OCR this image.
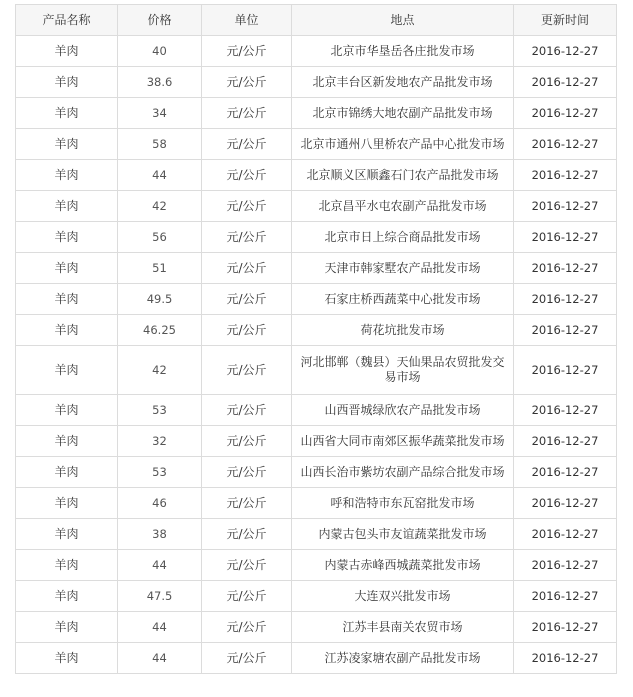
产品名称	价格	单位	地点	更新时间
羊肉	40	元/公斤	北京市华垦岳各庄批发市场	2016-12-27
羊肉	38.6	元/公斤	北京丰台区新发地农产品批发市场	2016-12-27
羊肉	34	元/公斤	北京市锦绣大地农副产品批发市场	2016-12-27
羊肉	58	元/公斤	北京市通州八里桥农产品中心批发市场	2016-12-27
羊肉	44	元/公斤	北京顺义区顺鑫石门农产品批发市场	2016-12-27
羊肉	42	元/公斤	北京昌平水屯农副产品批发市场	2016-12-27
羊肉	56	元/公斤	北京市日上综合商品批发市场	2016-12-27
羊肉	51	元/公斤	天津市韩家墅农产品批发市场	2016-12-27
羊肉	49.5	元/公斤	石家庄桥西蔬菜中心批发市场	2016-12-27
羊肉	46.25	元/公斤	荷花坑批发市场	2016-12-27
羊肉	42	元/公斤	河北邯郸（魏县）天仙果品农贸批发交易市场	2016-12-27
羊肉	53	元/公斤	山西晋城绿欣农产品批发市场	2016-12-27
羊肉	32	元/公斤	山西省大同市南郊区振华蔬菜批发市场	2016-12-27
羊肉	53	元/公斤	山西长治市紫坊农副产品综合批发市场	2016-12-27
羊肉	46	元/公斤	呼和浩特市东瓦窑批发市场	2016-12-27
羊肉	38	元/公斤	内蒙古包头市友谊蔬菜批发市场	2016-12-27
羊肉	44	元/公斤	内蒙古赤峰西城蔬菜批发市场	2016-12-27
羊肉	47.5	元/公斤	大连双兴批发市场	2016-12-27
羊肉	44	元/公斤	江苏丰县南关农贸市场	2016-12-27
羊肉	44	元/公斤	江苏凌家塘农副产品批发市场	2016-12-27
